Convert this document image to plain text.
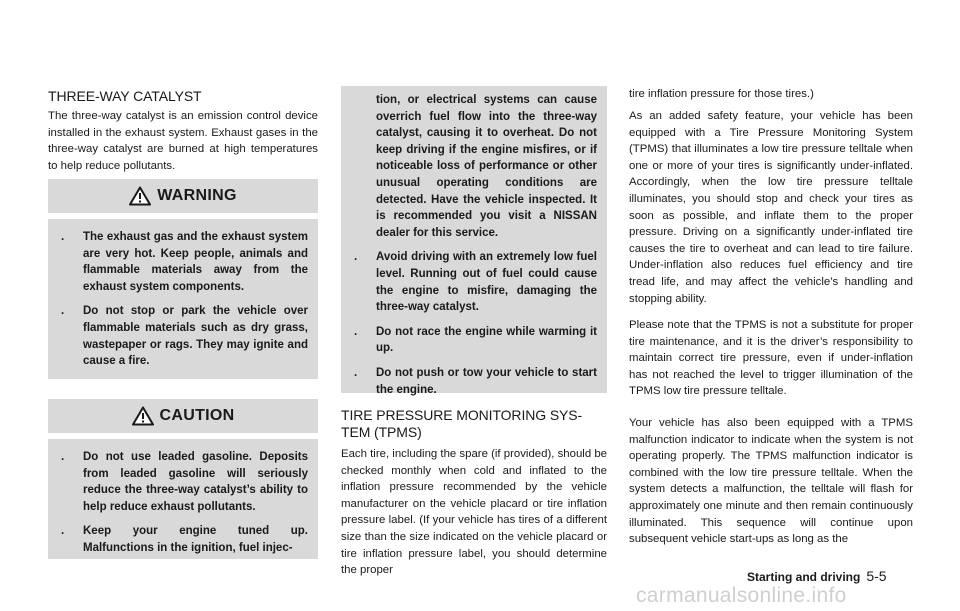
THREE-WAY CATALYST
The three-way catalyst is an emission control device installed in the exhaust system. Exhaust gases in the three-way catalyst are burned at high temperatures to help reduce pollutants.
WARNING
. The exhaust gas and the exhaust system are very hot. Keep people, animals and flammable materials away from the exhaust system components.
. Do not stop or park the vehicle over flammable materials such as dry grass, wastepaper or rags. They may ignite and cause a fire.
CAUTION
. Do not use leaded gasoline. Deposits from leaded gasoline will seriously reduce the three-way catalyst’s ability to help reduce exhaust pollutants.
. Keep your engine tuned up. Malfunctions in the ignition, fuel injec-
tion, or electrical systems can cause overrich fuel flow into the three-way catalyst, causing it to overheat. Do not keep driving if the engine misfires, or if noticeable loss of performance or other unusual operating conditions are detected. Have the vehicle inspected. It is recommended you visit a NISSAN dealer for this service.
. Avoid driving with an extremely low fuel level. Running out of fuel could cause the engine to misfire, damaging the three-way catalyst.
. Do not race the engine while warming it up.
. Do not push or tow your vehicle to start the engine.
TIRE PRESSURE MONITORING SYS-
TEM (TPMS)
Each tire, including the spare (if provided), should be checked monthly when cold and inflated to the inflation pressure recommended by the vehicle manufacturer on the vehicle placard or tire inflation pressure label. (If your vehicle has tires of a different size than the size indicated on the vehicle placard or tire inflation pressure label, you should determine the proper
tire inflation pressure for those tires.)
As an added safety feature, your vehicle has been equipped with a Tire Pressure Monitoring System (TPMS) that illuminates a low tire pressure telltale when one or more of your tires is significantly under-inflated. Accordingly, when the low tire pressure telltale illuminates, you should stop and check your tires as soon as possible, and inflate them to the proper pressure. Driving on a significantly under-inflated tire causes the tire to overheat and can lead to tire failure. Under-inflation also reduces fuel efficiency and tire tread life, and may affect the vehicle’s handling and stopping ability.
Please note that the TPMS is not a substitute for proper tire maintenance, and it is the driver’s responsibility to maintain correct tire pressure, even if under-inflation has not reached the level to trigger illumination of the TPMS low tire pressure telltale.
Your vehicle has also been equipped with a TPMS malfunction indicator to indicate when the system is not operating properly. The TPMS malfunction indicator is combined with the low tire pressure telltale. When the system detects a malfunction, the telltale will flash for approximately one minute and then remain continuously illuminated. This sequence will continue upon subsequent vehicle start-ups as long as the
Starting and driving 5-5
carmanualsonline.info
